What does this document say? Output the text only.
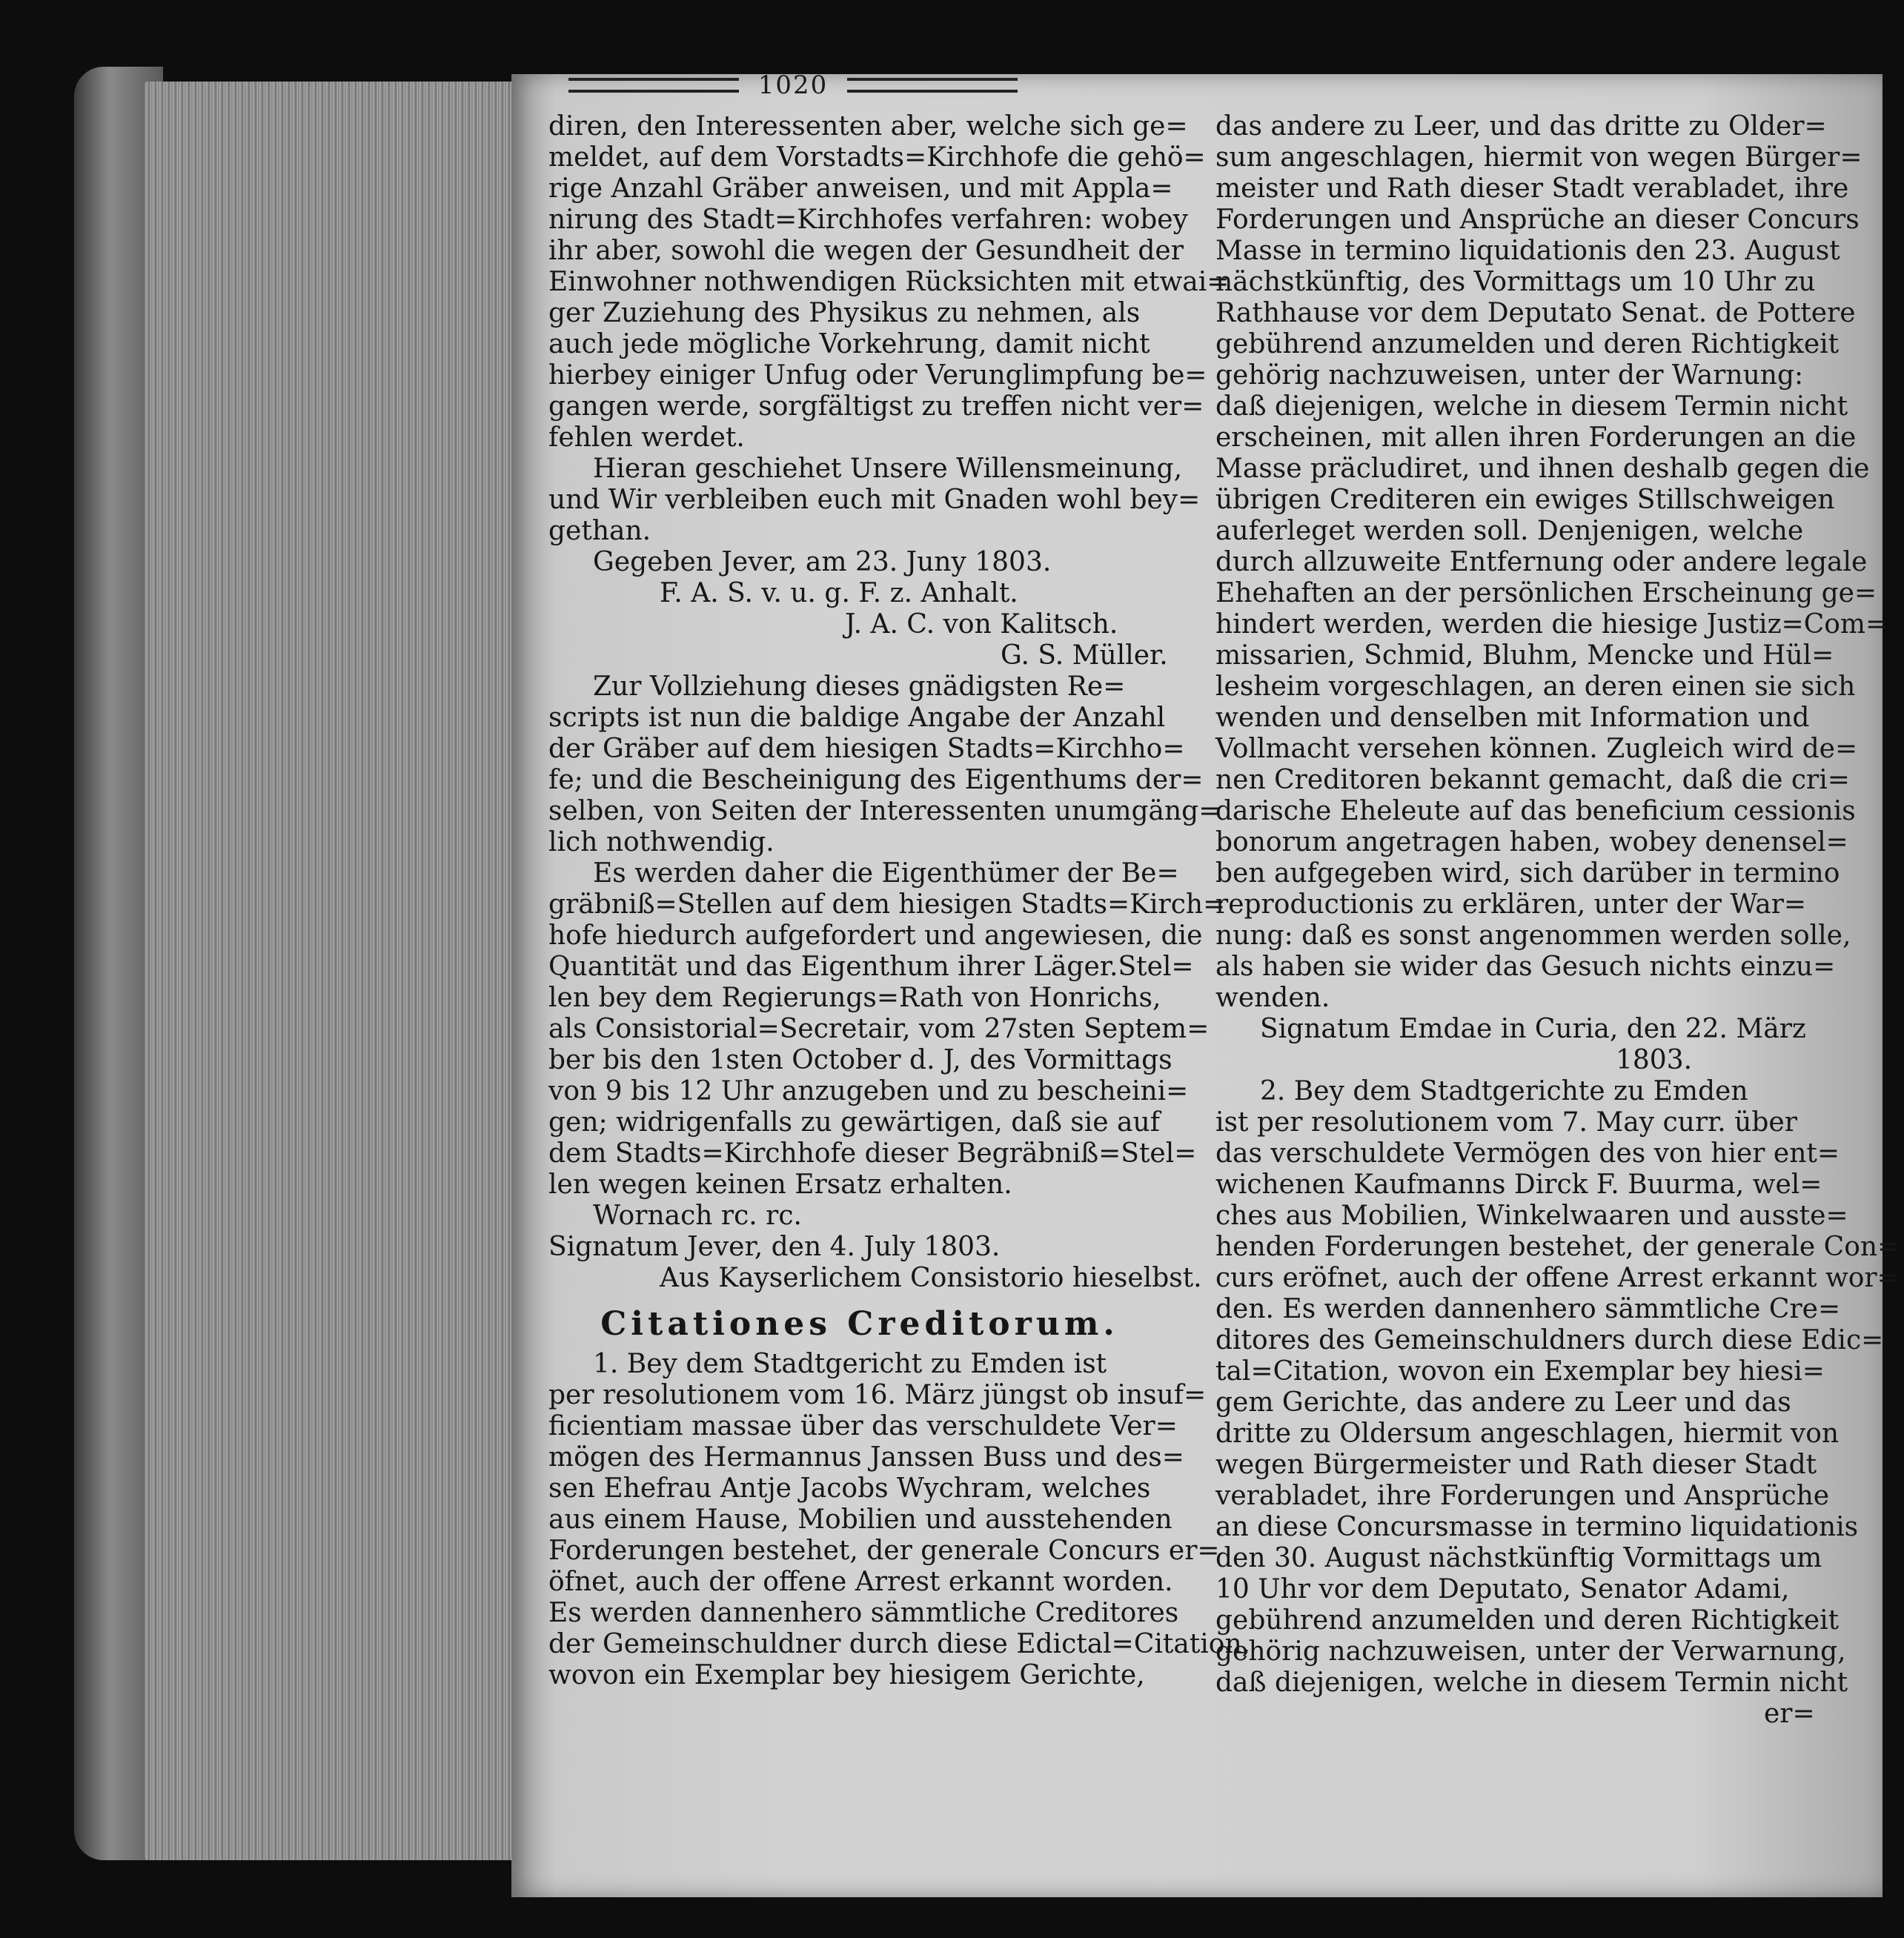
1020

diren, den Interessenten aber, welche sich ge=
meldet, auf dem Vorstadts=Kirchhofe die gehö=
rige Anzahl Gräber anweisen, und mit Appla=
nirung des Stadt=Kirchhofes verfahren: wobey
ihr aber, sowohl die wegen der Gesundheit der
Einwohner nothwendigen Rücksichten mit etwai=
ger Zuziehung des Physikus zu nehmen, als
auch jede mögliche Vorkehrung, damit nicht
hierbey einiger Unfug oder Verunglimpfung be=
gangen werde, sorgfältigst zu treffen nicht ver=
fehlen werdet.

Hieran geschiehet Unsere Willensmeinung,
und Wir verbleiben euch mit Gnaden wohl bey=
gethan.

Gegeben Jever, am 23. Juny 1803.
F. A. S. v. u. g. F. z. Anhalt.
J. A. C. von Kalitsch.
G. S. Müller.

Zur Vollziehung dieses gnädigsten Re=
scripts ist nun die baldige Angabe der Anzahl
der Gräber auf dem hiesigen Stadts=Kirchho=
fe; und die Bescheinigung des Eigenthums der=
selben, von Seiten der Interessenten unumgäng=
lich nothwendig.

Es werden daher die Eigenthümer der Be=
gräbniß=Stellen auf dem hiesigen Stadts=Kirch=
hofe hiedurch aufgefordert und angewiesen, die
Quantität und das Eigenthum ihrer Läger.Stel=
len bey dem Regierungs=Rath von Honrichs,
als Consistorial=Secretair, vom 27sten Septem=
ber bis den 1sten October d. J, des Vormittags
von 9 bis 12 Uhr anzugeben und zu bescheini=
gen; widrigenfalls zu gewärtigen, daß sie auf
dem Stadts=Kirchhofe dieser Begräbniß=Stel=
len wegen keinen Ersatz erhalten.

Wornach rc. rc.
Signatum Jever, den 4. July 1803.
Aus Kayserlichem Consistorio hieselbst.
Citationes Creditorum.

1. Bey dem Stadtgericht zu Emden ist
per resolutionem vom 16. März jüngst ob insuf=
ficientiam massae über das verschuldete Ver=
mögen des Hermannus Janssen Buss und des=
sen Ehefrau Antje Jacobs Wychram, welches
aus einem Hause, Mobilien und ausstehenden
Forderungen bestehet, der generale Concurs er=
öfnet, auch der offene Arrest erkannt worden.
Es werden dannenhero sämmtliche Creditores
der Gemeinschuldner durch diese Edictal=Citation,
wovon ein Exemplar bey hiesigem Gerichte,

das andere zu Leer, und das dritte zu Older=
sum angeschlagen, hiermit von wegen Bürger=
meister und Rath dieser Stadt verabladet, ihre
Forderungen und Ansprüche an dieser Concurs
Masse in termino liquidationis den 23. August
nächstkünftig, des Vormittags um 10 Uhr zu
Rathhause vor dem Deputato Senat. de Pottere
gebührend anzumelden und deren Richtigkeit
gehörig nachzuweisen, unter der Warnung:
daß diejenigen, welche in diesem Termin nicht
erscheinen, mit allen ihren Forderungen an die
Masse präcludiret, und ihnen deshalb gegen die
übrigen Crediteren ein ewiges Stillschweigen
auferleget werden soll. Denjenigen, welche
durch allzuweite Entfernung oder andere legale
Ehehaften an der persönlichen Erscheinung ge=
hindert werden, werden die hiesige Justiz=Com=
missarien, Schmid, Bluhm, Mencke und Hül=
lesheim vorgeschlagen, an deren einen sie sich
wenden und denselben mit Information und
Vollmacht versehen können. Zugleich wird de=
nen Creditoren bekannt gemacht, daß die cri=
darische Eheleute auf das beneficium cessionis
bonorum angetragen haben, wobey denensel=
ben aufgegeben wird, sich darüber in termino
reproductionis zu erklären, unter der War=
nung: daß es sonst angenommen werden solle,
als haben sie wider das Gesuch nichts einzu=
wenden.

Signatum Emdae in Curia, den 22. März
1803.

2. Bey dem Stadtgerichte zu Emden
ist per resolutionem vom 7. May curr. über
das verschuldete Vermögen des von hier ent=
wichenen Kaufmanns Dirck F. Buurma, wel=
ches aus Mobilien, Winkelwaaren und ausste=
henden Forderungen bestehet, der generale Con=
curs eröfnet, auch der offene Arrest erkannt wor=
den. Es werden dannenhero sämmtliche Cre=
ditores des Gemeinschuldners durch diese Edic=
tal=Citation, wovon ein Exemplar bey hiesi=
gem Gerichte, das andere zu Leer und das
dritte zu Oldersum angeschlagen, hiermit von
wegen Bürgermeister und Rath dieser Stadt
verabladet, ihre Forderungen und Ansprüche
an diese Concursmasse in termino liquidationis
den 30. August nächstkünftig Vormittags um
10 Uhr vor dem Deputato, Senator Adami,
gebührend anzumelden und deren Richtigkeit
gehörig nachzuweisen, unter der Verwarnung,
daß diejenigen, welche in diesem Termin nicht

er=
